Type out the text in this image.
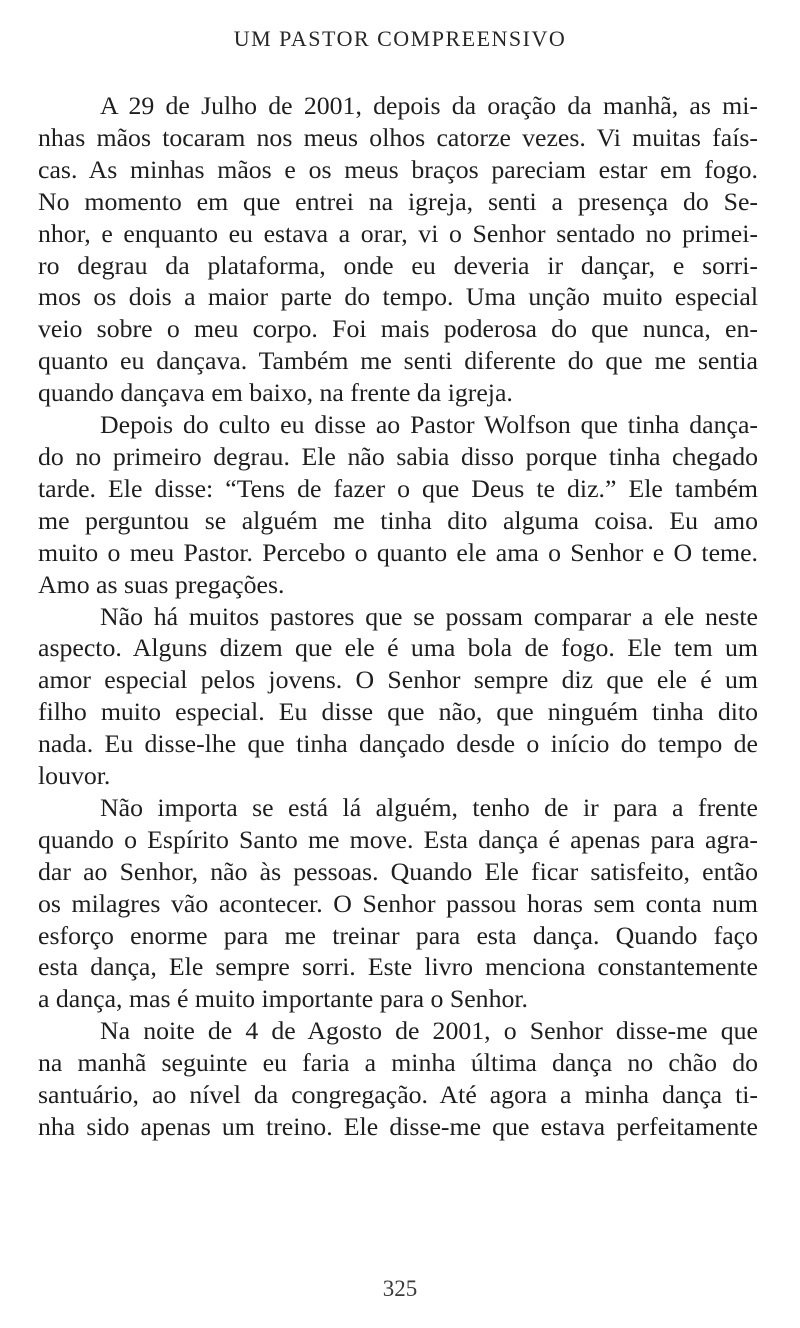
UM PASTOR COMPREENSIVO
A 29 de Julho de 2001, depois da oração da manhã, as mi-
nhas mãos tocaram nos meus olhos catorze vezes. Vi muitas faís-
cas. As minhas mãos e os meus braços pareciam estar em fogo.
No momento em que entrei na igreja, senti a presença do Se-
nhor, e enquanto eu estava a orar, vi o Senhor sentado no primei-
ro degrau da plataforma, onde eu deveria ir dançar, e sorri-
mos os dois a maior parte do tempo. Uma unção muito especial
veio sobre o meu corpo. Foi mais poderosa do que nunca, en-
quanto eu dançava. Também me senti diferente do que me sentia
quando dançava em baixo, na frente da igreja.
Depois do culto eu disse ao Pastor Wolfson que tinha dança-
do no primeiro degrau. Ele não sabia disso porque tinha chegado
tarde. Ele disse: “Tens de fazer o que Deus te diz.” Ele também
me perguntou se alguém me tinha dito alguma coisa. Eu amo
muito o meu Pastor. Percebo o quanto ele ama o Senhor e O teme.
Amo as suas pregações.
Não há muitos pastores que se possam comparar a ele neste
aspecto. Alguns dizem que ele é uma bola de fogo. Ele tem um
amor especial pelos jovens. O Senhor sempre diz que ele é um
filho muito especial. Eu disse que não, que ninguém tinha dito
nada. Eu disse-lhe que tinha dançado desde o início do tempo de
louvor.
Não importa se está lá alguém, tenho de ir para a frente
quando o Espírito Santo me move. Esta dança é apenas para agra-
dar ao Senhor, não às pessoas. Quando Ele ficar satisfeito, então
os milagres vão acontecer. O Senhor passou horas sem conta num
esforço enorme para me treinar para esta dança. Quando faço
esta dança, Ele sempre sorri. Este livro menciona constantemente
a dança, mas é muito importante para o Senhor.
Na noite de 4 de Agosto de 2001, o Senhor disse-me que
na manhã seguinte eu faria a minha última dança no chão do
santuário, ao nível da congregação. Até agora a minha dança ti-
nha sido apenas um treino. Ele disse-me que estava perfeitamente
325
